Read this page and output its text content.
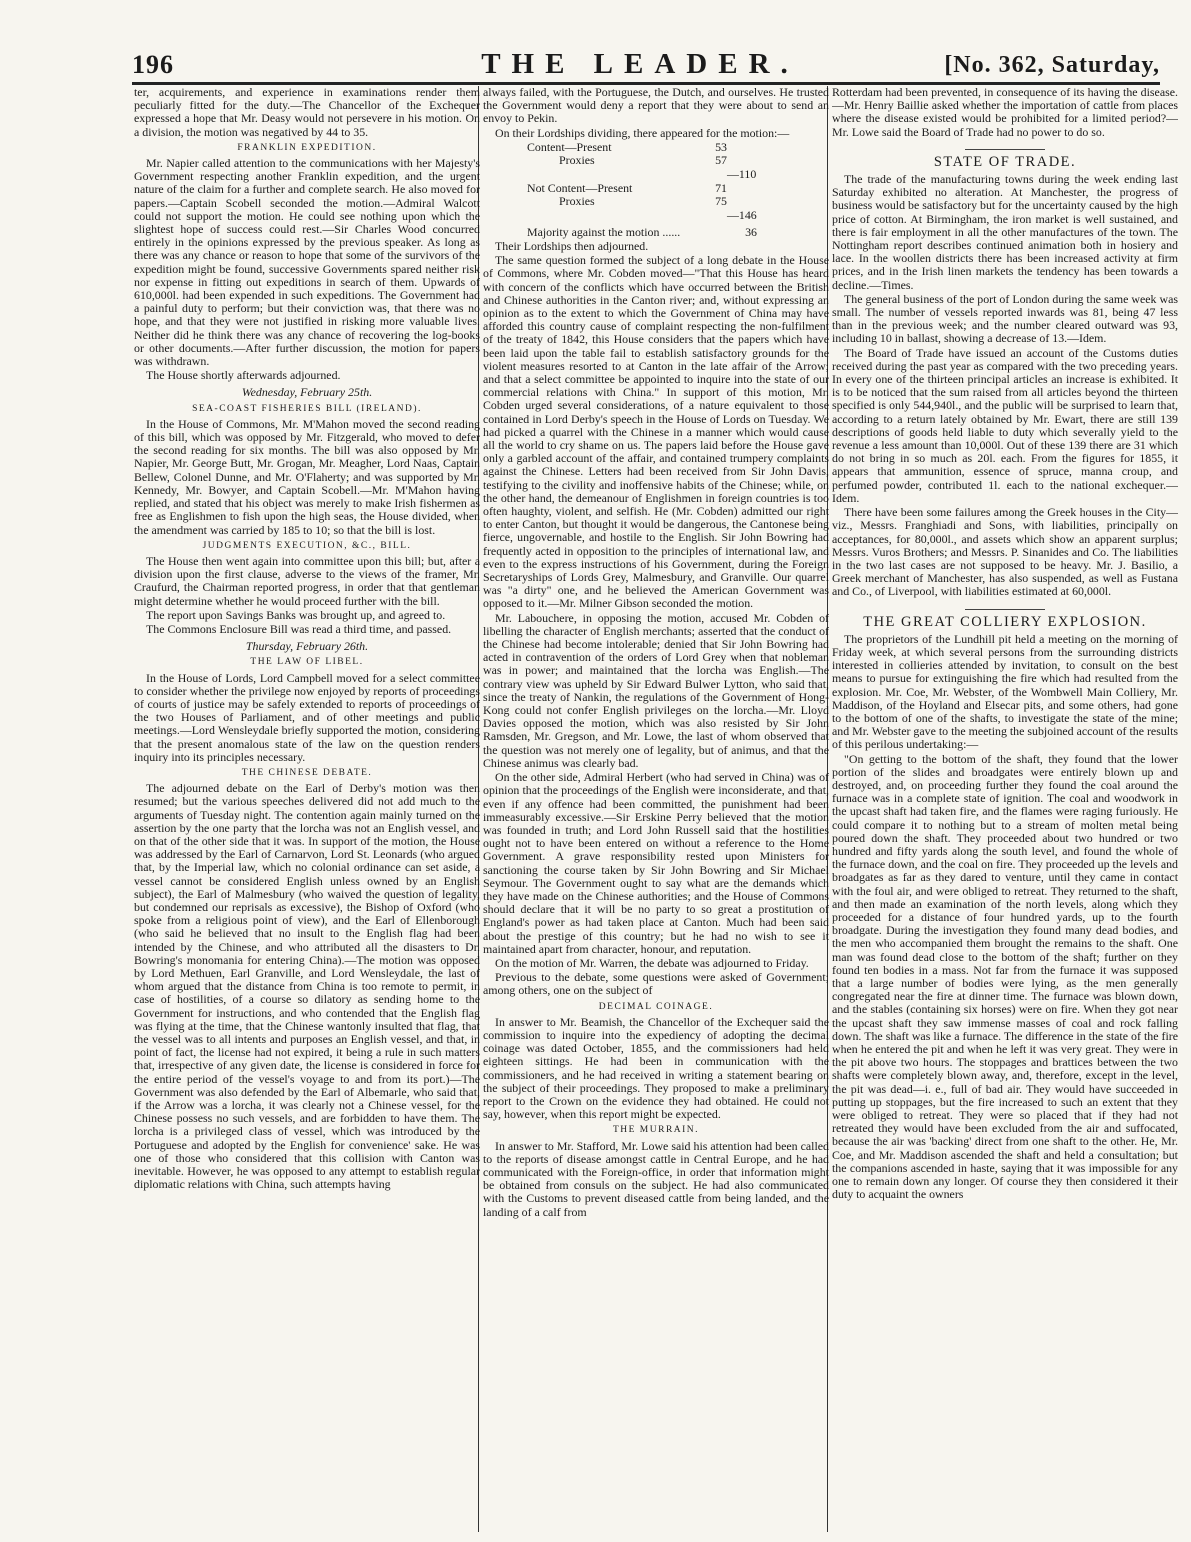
196	THE LEADER.	[No. 362, Saturday,

ter, acquirements, and experience in examinations render them peculiarly fitted for the duty.—The Chancellor of the Exchequer expressed a hope that Mr. Deasy would not persevere in his motion. On a division, the motion was negatived by 44 to 35.

FRANKLIN EXPEDITION.

Mr. Napier called attention to the communications with her Majesty's Government respecting another Franklin expedition, and the urgent nature of the claim for a further and complete search. He also moved for papers.—Captain Scobell seconded the motion.—Admiral Walcott could not support the motion. He could see nothing upon which the slightest hope of success could rest.—Sir Charles Wood concurred entirely in the opinions expressed by the previous speaker. As long as there was any chance or reason to hope that some of the survivors of the expedition might be found, successive Governments spared neither risk nor expense in fitting out expeditions in search of them. Upwards of 610,000l. had been expended in such expeditions. The Government had a painful duty to perform; but their conviction was, that there was no hope, and that they were not justified in risking more valuable lives. Neither did he think there was any chance of recovering the log-books or other documents.—After further discussion, the motion for papers was withdrawn.

The House shortly afterwards adjourned.

Wednesday, February 25th.
SEA-COAST FISHERIES BILL (IRELAND).

In the House of Commons, Mr. M'Mahon moved the second reading of this bill, which was opposed by Mr. Fitzgerald, who moved to defer the second reading for six months. The bill was also opposed by Mr. Napier, Mr. George Butt, Mr. Grogan, Mr. Meagher, Lord Naas, Captain Bellew, Colonel Dunne, and Mr. O'Flaherty; and was supported by Mr. Kennedy, Mr. Bowyer, and Captain Scobell.—Mr. M'Mahon having replied, and stated that his object was merely to make Irish fishermen as free as Englishmen to fish upon the high seas, the House divided, when the amendment was carried by 185 to 10; so that the bill is lost.

JUDGMENTS EXECUTION, &C., BILL.

The House then went again into committee upon this bill; but, after a division upon the first clause, adverse to the views of the framer, Mr. Craufurd, the Chairman reported progress, in order that that gentleman might determine whether he would proceed further with the bill.

The report upon Savings Banks was brought up, and agreed to.

The Commons Enclosure Bill was read a third time, and passed.

Thursday, February 26th.
THE LAW OF LIBEL.

In the House of Lords, Lord Campbell moved for a select committee to consider whether the privilege now enjoyed by reports of proceedings of courts of justice may be safely extended to reports of proceedings of the two Houses of Parliament, and of other meetings and public meetings.—Lord Wensleydale briefly supported the motion, considering that the present anomalous state of the law on the question renders inquiry into its principles necessary.

THE CHINESE DEBATE.

The adjourned debate on the Earl of Derby's motion was then resumed; but the various speeches delivered did not add much to the arguments of Tuesday night. The contention again mainly turned on the assertion by the one party that the lorcha was not an English vessel, and on that of the other side that it was. In support of the motion, the House was addressed by the Earl of Carnarvon, Lord St. Leonards (who argued that, by the Imperial law, which no colonial ordinance can set aside, a vessel cannot be considered English unless owned by an English subject), the Earl of Malmesbury (who waived the question of legality, but condemned our reprisals as excessive), the Bishop of Oxford (who spoke from a religious point of view), and the Earl of Ellenborough (who said he believed that no insult to the English flag had been intended by the Chinese, and who attributed all the disasters to Dr. Bowring's monomania for entering China).—The motion was opposed by Lord Methuen, Earl Granville, and Lord Wensleydale, the last of whom argued that the distance from China is too remote to permit, in case of hostilities, of a course so dilatory as sending home to the Government for instructions, and who contended that the English flag was flying at the time, that the Chinese wantonly insulted that flag, that the vessel was to all intents and purposes an English vessel, and that, in point of fact, the license had not expired, it being a rule in such matters that, irrespective of any given date, the license is considered in force for the entire period of the vessel's voyage to and from its port.)—The Government was also defended by the Earl of Albemarle, who said that, if the Arrow was a lorcha, it was clearly not a Chinese vessel, for the Chinese possess no such vessels, and are forbidden to have them. The lorcha is a privileged class of vessel, which was introduced by the Portuguese and adopted by the English for convenience' sake. He was one of those who considered that this collision with Canton was inevitable. However, he was opposed to any attempt to establish regular diplomatic relations with China, such attempts having

always failed, with the Portuguese, the Dutch, and ourselves. He trusted the Government would deny a report that they were about to send an envoy to Pekin.

On their Lordships dividing, there appeared for the motion:—

Content—Present	53
Proxies	57
—110
Not Content—Present	71
Proxies	75
—146
Majority against the motion ......	36

Their Lordships then adjourned.

The same question formed the subject of a long debate in the House of Commons, where Mr. Cobden moved—"That this House has heard with concern of the conflicts which have occurred between the British and Chinese authorities in the Canton river; and, without expressing an opinion as to the extent to which the Government of China may have afforded this country cause of complaint respecting the non-fulfilment of the treaty of 1842, this House considers that the papers which have been laid upon the table fail to establish satisfactory grounds for the violent measures resorted to at Canton in the late affair of the Arrow; and that a select committee be appointed to inquire into the state of our commercial relations with China." In support of this motion, Mr. Cobden urged several considerations, of a nature equivalent to those contained in Lord Derby's speech in the House of Lords on Tuesday. We had picked a quarrel with the Chinese in a manner which would cause all the world to cry shame on us. The papers laid before the House gave only a garbled account of the affair, and contained trumpery complaints against the Chinese. Letters had been received from Sir John Davis, testifying to the civility and inoffensive habits of the Chinese; while, on the other hand, the demeanour of Englishmen in foreign countries is too often haughty, violent, and selfish. He (Mr. Cobden) admitted our right to enter Canton, but thought it would be dangerous, the Cantonese being fierce, ungovernable, and hostile to the English. Sir John Bowring had frequently acted in opposition to the principles of international law, and even to the express instructions of his Government, during the Foreign Secretaryships of Lords Grey, Malmesbury, and Granville. Our quarrel was "a dirty" one, and he believed the American Government was opposed to it.—Mr. Milner Gibson seconded the motion.

Mr. Labouchere, in opposing the motion, accused Mr. Cobden of libelling the character of English merchants; asserted that the conduct of the Chinese had become intolerable; denied that Sir John Bowring had acted in contravention of the orders of Lord Grey when that nobleman was in power; and maintained that the lorcha was English.—The contrary view was upheld by Sir Edward Bulwer Lytton, who said that, since the treaty of Nankin, the regulations of the Government of Hong-Kong could not confer English privileges on the lorcha.—Mr. Lloyd Davies opposed the motion, which was also resisted by Sir John Ramsden, Mr. Gregson, and Mr. Lowe, the last of whom observed that the question was not merely one of legality, but of animus, and that the Chinese animus was clearly bad.

On the other side, Admiral Herbert (who had served in China) was of opinion that the proceedings of the English were inconsiderate, and that, even if any offence had been committed, the punishment had been immeasurably excessive.—Sir Erskine Perry believed that the motion was founded in truth; and Lord John Russell said that the hostilities ought not to have been entered on without a reference to the Home Government. A grave responsibility rested upon Ministers for sanctioning the course taken by Sir John Bowring and Sir Michael Seymour. The Government ought to say what are the demands which they have made on the Chinese authorities; and the House of Commons should declare that it will be no party to so great a prostitution of England's power as had taken place at Canton. Much had been said about the prestige of this country; but he had no wish to see it maintained apart from character, honour, and reputation.

On the motion of Mr. Warren, the debate was adjourned to Friday.

Previous to the debate, some questions were asked of Government; among others, one on the subject of

DECIMAL COINAGE.

In answer to Mr. Beamish, the Chancellor of the Exchequer said the commission to inquire into the expediency of adopting the decimal coinage was dated October, 1855, and the commissioners had held eighteen sittings. He had been in communication with the commissioners, and he had received in writing a statement bearing on the subject of their proceedings. They proposed to make a preliminary report to the Crown on the evidence they had obtained. He could not say, however, when this report might be expected.

THE MURRAIN.

In answer to Mr. Stafford, Mr. Lowe said his attention had been called to the reports of disease amongst cattle in Central Europe, and he had communicated with the Foreign-office, in order that information might be obtained from consuls on the subject. He had also communicated with the Customs to prevent diseased cattle from being landed, and the landing of a calf from

Rotterdam had been prevented, in consequence of its having the disease.—Mr. Henry Baillie asked whether the importation of cattle from places where the disease existed would be prohibited for a limited period?—Mr. Lowe said the Board of Trade had no power to do so.

STATE OF TRADE.

The trade of the manufacturing towns during the week ending last Saturday exhibited no alteration. At Manchester, the progress of business would be satisfactory but for the uncertainty caused by the high price of cotton. At Birmingham, the iron market is well sustained, and there is fair employment in all the other manufactures of the town. The Nottingham report describes continued animation both in hosiery and lace. In the woollen districts there has been increased activity at firm prices, and in the Irish linen markets the tendency has been towards a decline.—Times.

The general business of the port of London during the same week was small. The number of vessels reported inwards was 81, being 47 less than in the previous week; and the number cleared outward was 93, including 10 in ballast, showing a decrease of 13.—Idem.

The Board of Trade have issued an account of the Customs duties received during the past year as compared with the two preceding years. In every one of the thirteen principal articles an increase is exhibited. It is to be noticed that the sum raised from all articles beyond the thirteen specified is only 544,940l., and the public will be surprised to learn that, according to a return lately obtained by Mr. Ewart, there are still 139 descriptions of goods held liable to duty which severally yield to the revenue a less amount than 10,000l. Out of these 139 there are 31 which do not bring in so much as 20l. each. From the figures for 1855, it appears that ammunition, essence of spruce, manna croup, and perfumed powder, contributed 1l. each to the national exchequer.—Idem.

There have been some failures among the Greek houses in the City—viz., Messrs. Franghiadi and Sons, with liabilities, principally on acceptances, for 80,000l., and assets which show an apparent surplus; Messrs. Vuros Brothers; and Messrs. P. Sinanides and Co. The liabilities in the two last cases are not supposed to be heavy. Mr. J. Basilio, a Greek merchant of Manchester, has also suspended, as well as Fustana and Co., of Liverpool, with liabilities estimated at 60,000l.

THE GREAT COLLIERY EXPLOSION.

The proprietors of the Lundhill pit held a meeting on the morning of Friday week, at which several persons from the surrounding districts interested in collieries attended by invitation, to consult on the best means to pursue for extinguishing the fire which had resulted from the explosion. Mr. Coe, Mr. Webster, of the Wombwell Main Colliery, Mr. Maddison, of the Hoyland and Elsecar pits, and some others, had gone to the bottom of one of the shafts, to investigate the state of the mine; and Mr. Webster gave to the meeting the subjoined account of the results of this perilous undertaking:—

"On getting to the bottom of the shaft, they found that the lower portion of the slides and broadgates were entirely blown up and destroyed, and, on proceeding further they found the coal around the furnace was in a complete state of ignition. The coal and woodwork in the upcast shaft had taken fire, and the flames were raging furiously. He could compare it to nothing but to a stream of molten metal being poured down the shaft. They proceeded about two hundred or two hundred and fifty yards along the south level, and found the whole of the furnace down, and the coal on fire. They proceeded up the levels and broadgates as far as they dared to venture, until they came in contact with the foul air, and were obliged to retreat. They returned to the shaft, and then made an examination of the north levels, along which they proceeded for a distance of four hundred yards, up to the fourth broadgate. During the investigation they found many dead bodies, and the men who accompanied them brought the remains to the shaft. One man was found dead close to the bottom of the shaft; further on they found ten bodies in a mass. Not far from the furnace it was supposed that a large number of bodies were lying, as the men generally congregated near the fire at dinner time. The furnace was blown down, and the stables (containing six horses) were on fire. When they got near the upcast shaft they saw immense masses of coal and rock falling down. The shaft was like a furnace. The difference in the state of the fire when he entered the pit and when he left it was very great. They were in the pit above two hours. The stoppages and brattices between the two shafts were completely blown away, and, therefore, except in the level, the pit was dead—i. e., full of bad air. They would have succeeded in putting up stoppages, but the fire increased to such an extent that they were obliged to retreat. They were so placed that if they had not retreated they would have been excluded from the air and suffocated, because the air was 'backing' direct from one shaft to the other. He, Mr. Coe, and Mr. Maddison ascended the shaft and held a consultation; but the companions ascended in haste, saying that it was impossible for any one to remain down any longer. Of course they then considered it their duty to acquaint the owners
